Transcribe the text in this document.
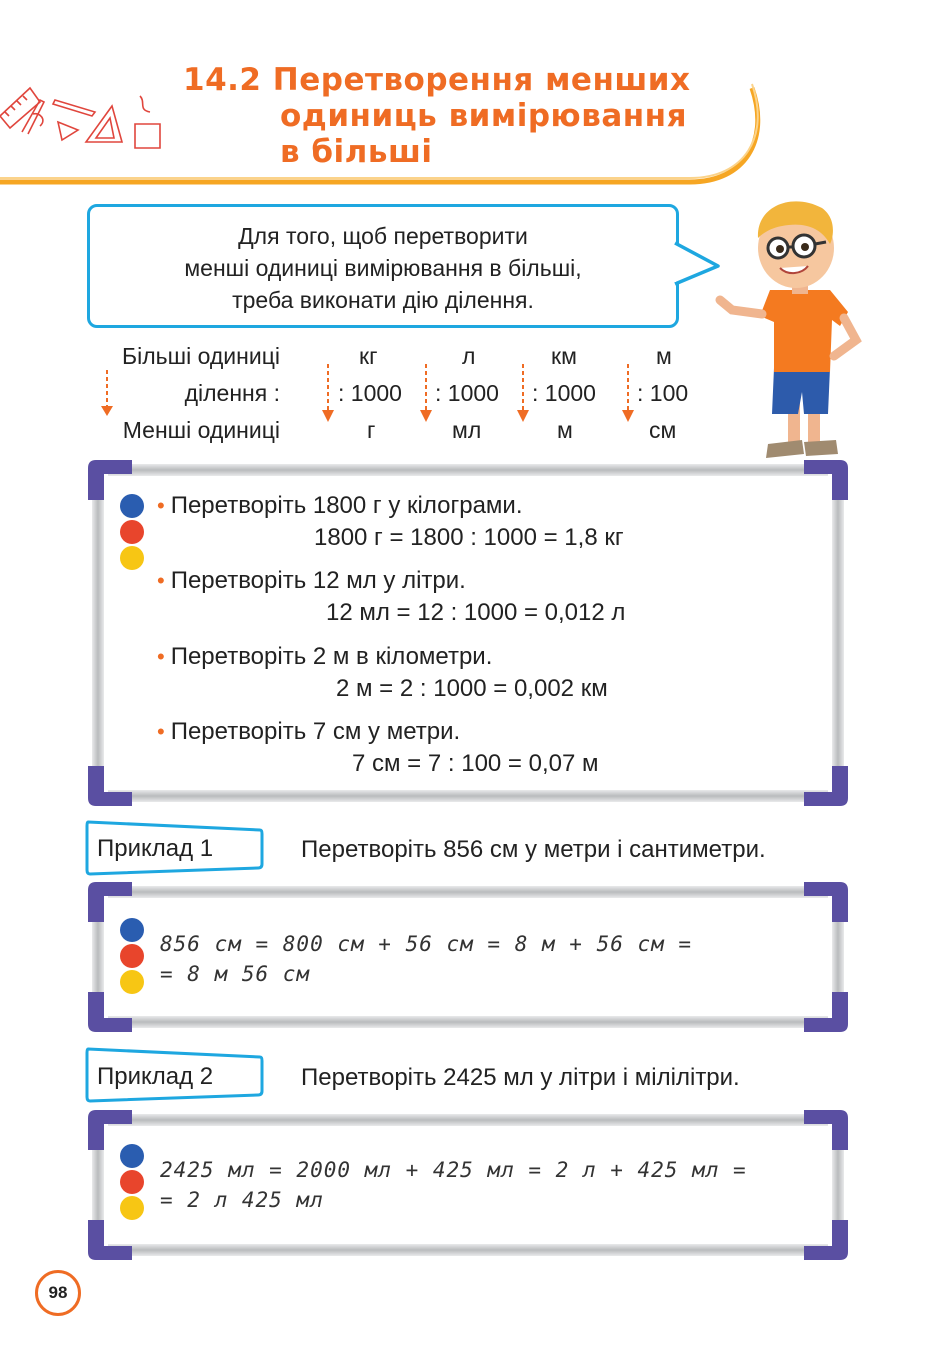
14.2 Перетворення менших
одиниць вимірювання
в більші
Для того, щоб перетворити
менші одиниці вимірювання в більші,
треба виконати дію ділення.
Більші одиниці
ділення :
Менші одиниці
кг
: 1000
г
л
: 1000
мл
км
: 1000
м
м
: 100
см
• Перетворіть 1800 г у кілограми.
1800 г = 1800 : 1000 = 1,8 кг
• Перетворіть 12 мл у літри.
12 мл = 12 : 1000 = 0,012 л
• Перетворіть 2 м в кілометри.
2 м = 2 : 1000 = 0,002 км
• Перетворіть 7 см у метри.
7 см = 7 : 100 = 0,07 м
Приклад 1	Перетворіть 856 см у метри і сантиметри.
856 см = 800 см + 56 см = 8 м + 56 см =
= 8 м 56 см
Приклад 2	Перетворіть 2425 мл у літри і мілілітри.
2425 мл = 2000 мл + 425 мл = 2 л + 425 мл =
= 2 л 425 мл
98
